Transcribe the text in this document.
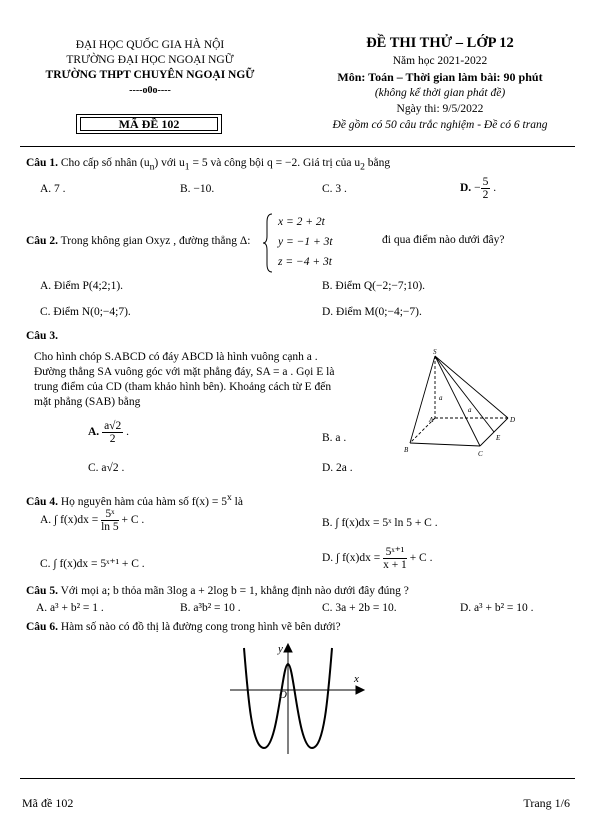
ĐẠI HỌC QUỐC GIA HÀ NỘI
TRƯỜNG ĐẠI HỌC NGOẠI NGỮ
TRƯỜNG THPT CHUYÊN NGOẠI NGỮ
----o0o----
MÃ ĐỀ 102
ĐỀ THI THỬ – LỚP 12
Năm học 2021-2022
Môn: Toán – Thời gian làm bài: 90 phút
(không kể thời gian phát đề)
Ngày thi: 9/5/2022
Đề gồm có 50 câu trắc nghiệm - Đề có 6 trang
Câu 1. Cho cấp số nhân $(u_n)$ với $u_1 = 5$ và công bội q = −2. Giá trị của $u_2$ bằng
A. 7 .	B. −10.	C. 3 .	D. − $\frac{5}{2}$ .
Câu 2. Trong không gian Oxyz , đường thẳng Δ:
x = 2 + 2t
y = −1 + 3t
z = −4 + 3t
đi qua điểm nào dưới đây?
A. Điểm P(4;2;1).	B. Điểm Q(−2;−7;10).
C. Điểm N(0;−4;7).	D. Điểm M(0;−4;−7).
Câu 3.
Cho hình chóp S.ABCD có đáy ABCD là hình vuông cạnh a .
Đường thẳng SA vuông góc với mặt phẳng đáy, SA = a . Gọi E là
trung điểm của CD (tham khảo hình bên). Khoảng cách từ E đến
mặt phẳng (SAB) bằng
A. $\frac{a√2}{2}$ .	B. a .
C. a√2 .	D. 2a .
S
A
B	C
D
E
a
a
Câu 4. Họ nguyên hàm của hàm số $f(x) = 5^x$ là
A. ∫ $f(x)dx = \frac{\text{5ˣ}}{\ln 5} + C$ .	B. ∫ f(x)dx = 5ˣ ln 5 + C .
C. ∫ f(x)dx = 5ˣ⁺¹ + C .	D. ∫ $f(x)dx = \frac{\text{5ˣ⁺¹}}{x + 1} + C$ .
Câu 5. Với mọi a; b thỏa mãn 3log a + 2log b = 1, khẳng định nào dưới đây đúng ?
A. a³ + b² = 1 .	B. a³b² = 10 .	C. 3a + 2b = 10.	D. a³ + b² = 10 .
Câu 6. Hàm số nào có đồ thị là đường cong trong hình vẽ bên dưới?
y
x
O
Mã đề 102	Trang 1/6
